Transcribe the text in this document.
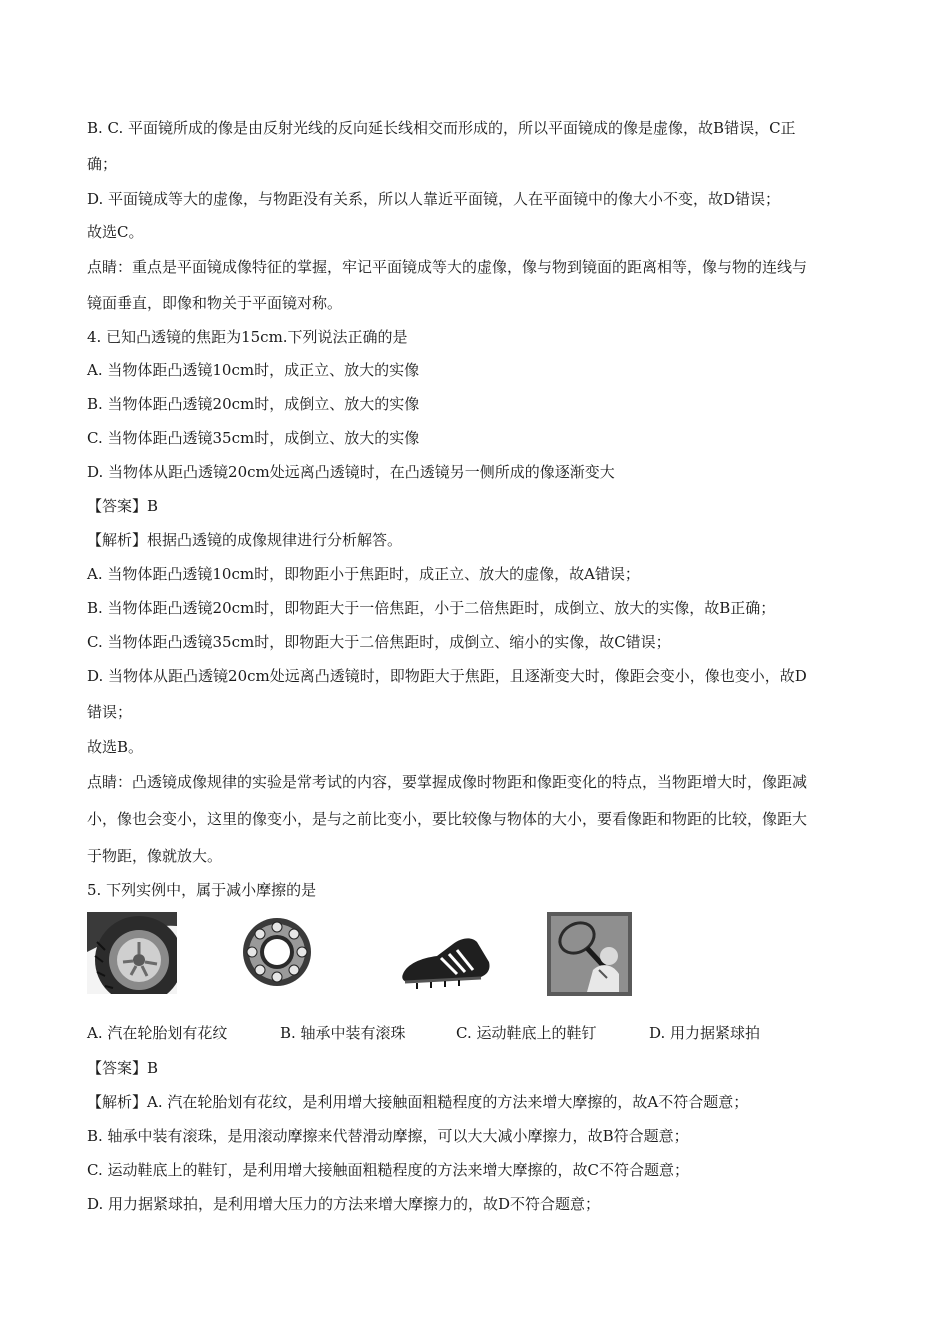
B. C. 平面镜所成的像是由反射光线的反向延长线相交而形成的，所以平面镜成的像是虚像，故B错误，C正
确；
D. 平面镜成等大的虚像，与物距没有关系，所以人靠近平面镜，人在平面镜中的像大小不变，故D错误；
故选C。
点睛：重点是平面镜成像特征的掌握，牢记平面镜成等大的虚像，像与物到镜面的距离相等，像与物的连线与
镜面垂直，即像和物关于平面镜对称。
4. 已知凸透镜的焦距为15cm.下列说法正确的是
A. 当物体距凸透镜10cm时，成正立、放大的实像
B. 当物体距凸透镜20cm时，成倒立、放大的实像
C. 当物体距凸透镜35cm时，成倒立、放大的实像
D. 当物体从距凸透镜20cm处远离凸透镜时，在凸透镜另一侧所成的像逐渐变大
【答案】B
【解析】根据凸透镜的成像规律进行分析解答。
A. 当物体距凸透镜10cm时，即物距小于焦距时，成正立、放大的虚像，故A错误；
B. 当物体距凸透镜20cm时，即物距大于一倍焦距，小于二倍焦距时，成倒立、放大的实像，故B正确；
C. 当物体距凸透镜35cm时，即物距大于二倍焦距时，成倒立、缩小的实像，故C错误；
D. 当物体从距凸透镜20cm处远离凸透镜时，即物距大于焦距，且逐渐变大时，像距会变小，像也变小，故D
错误；
故选B。
点睛：凸透镜成像规律的实验是常考试的内容，要掌握成像时物距和像距变化的特点，当物距增大时，像距减
小，像也会变小，这里的像变小，是与之前比变小，要比较像与物体的大小，要看像距和物距的比较，像距大
于物距，像就放大。
5. 下列实例中，属于减小摩擦的是
A. 汽在轮胎划有花纹	B. 轴承中装有滚珠	C. 运动鞋底上的鞋钉	D. 用力据紧球拍
【答案】B
【解析】A. 汽在轮胎划有花纹，是利用增大接触面粗糙程度的方法来增大摩擦的，故A不符合题意；
B. 轴承中装有滚珠，是用滚动摩擦来代替滑动摩擦，可以大大减小摩擦力，故B符合题意；
C. 运动鞋底上的鞋钉，是利用增大接触面粗糙程度的方法来增大摩擦的，故C不符合题意；
D. 用力据紧球拍，是利用增大压力的方法来增大摩擦力的，故D不符合题意；
